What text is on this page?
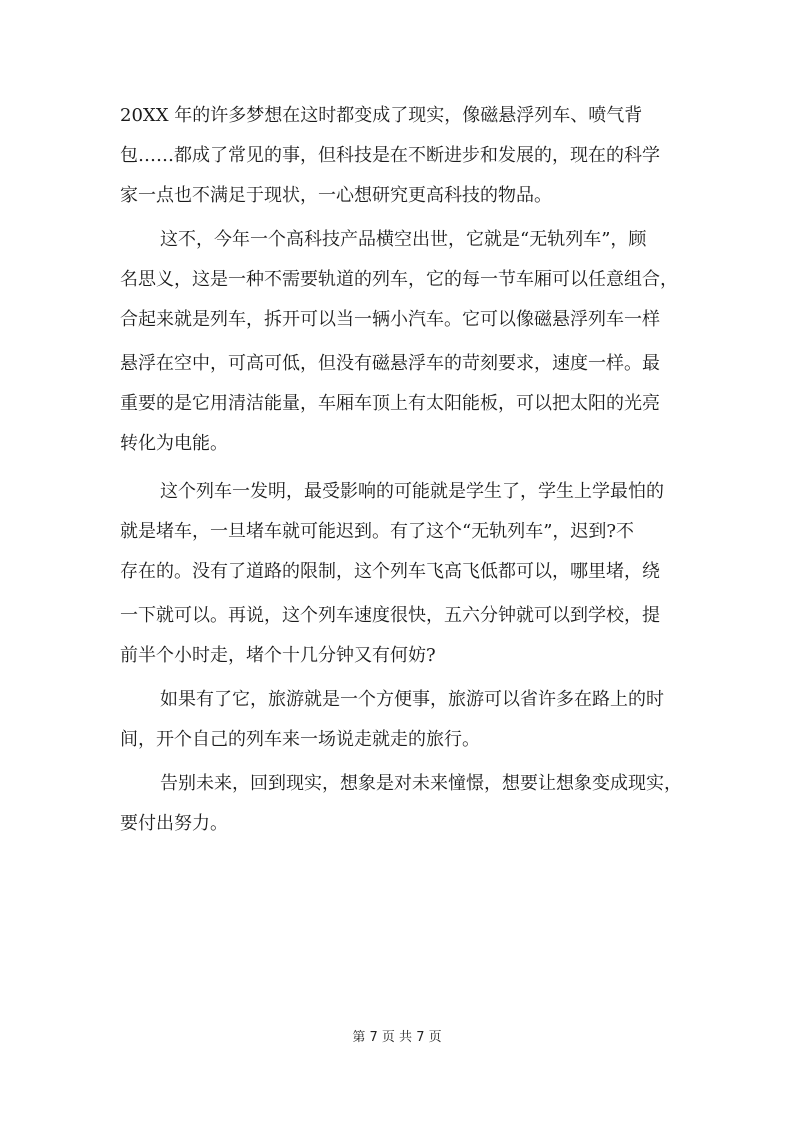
20XX 年的许多梦想在这时都变成了现实，像磁悬浮列车、喷气背
包……都成了常见的事，但科技是在不断进步和发展的，现在的科学
家一点也不满足于现状，一心想研究更高科技的物品。
这不，今年一个高科技产品横空出世，它就是“无轨列车”，顾
名思义，这是一种不需要轨道的列车，它的每一节车厢可以任意组合，
合起来就是列车，拆开可以当一辆小汽车。它可以像磁悬浮列车一样
悬浮在空中，可高可低，但没有磁悬浮车的苛刻要求，速度一样。最
重要的是它用清洁能量，车厢车顶上有太阳能板，可以把太阳的光亮
转化为电能。
这个列车一发明，最受影响的可能就是学生了，学生上学最怕的
就是堵车，一旦堵车就可能迟到。有了这个“无轨列车”，迟到?不
存在的。没有了道路的限制，这个列车飞高飞低都可以，哪里堵，绕
一下就可以。再说，这个列车速度很快，五六分钟就可以到学校，提
前半个小时走，堵个十几分钟又有何妨?
如果有了它，旅游就是一个方便事，旅游可以省许多在路上的时
间，开个自己的列车来一场说走就走的旅行。
告别未来，回到现实，想象是对未来憧憬，想要让想象变成现实，
要付出努力。
第 7 页 共 7 页
